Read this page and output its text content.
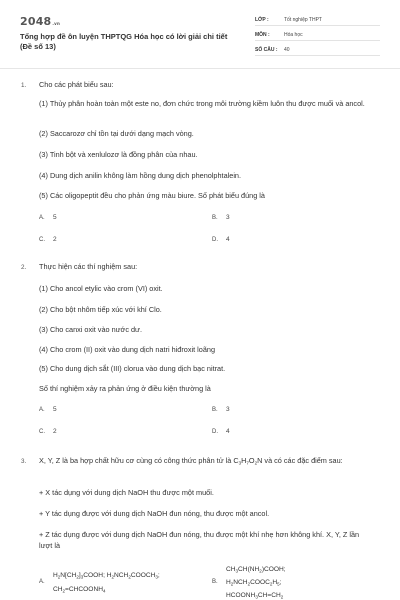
2048.vn
Tổng hợp đề ôn luyện THPTQG Hóa học có lời giải chi tiết (Đề số 13)
LỚP :	Tốt nghiệp THPT
MÔN :	Hóa học
SỐ CÂU : 40
1. Cho các phát biểu sau:
(1) Thủy phân hoàn toàn một este no, đơn chức trong môi trường kiềm luôn thu được muối và ancol.
(2) Saccarozơ chỉ tồn tại dưới dạng mạch vòng.
(3) Tinh bột và xenlulozơ là đồng phân của nhau.
(4) Dung dịch anilin không làm hồng dung dịch phenolphtalein.
(5) Các oligopeptit đều cho phản ứng màu biure. Số phát biểu đúng là
A. 5	B. 3
C. 2	D. 4
2. Thực hiện các thí nghiệm sau:
(1) Cho ancol etylic vào crom (VI) oxit.
(2) Cho bột nhôm tiếp xúc với khí Clo.
(3) Cho canxi oxit vào nước dư.
(4) Cho crom (II) oxit vào dung dịch natri hiđroxit loãng
(5) Cho dung dịch sắt (III) clorua vào dung dịch bạc nitrat.
Số thí nghiệm xảy ra phản ứng ở điều kiện thường là
A. 5	B. 3
C. 2	D. 4
3. X, Y, Z là ba hợp chất hữu cơ cùng có công thức phân tử là $C_3H_7O_2N$ và có các đặc điểm sau:
+ X tác dụng với dung dịch NaOH thu được một muối.
+ Y tác dụng được với dung dịch NaOH đun nóng, thu được một ancol.
+ Z tác dụng được với dung dịch NaOH đun nóng, thu được một khí nhẹ hơn không khí. X, Y, Z lần lượt là
A.
$H_2N[CH_2]_3COOH$; $H_2NCH_2COOCH_3$;
$CH_2=CHCOONH_4$
B.
$CH_3CH(NH_2)COOH$;
$H_2NCH_2COOC_2H_5$;
$HCOONH_3CH=CH_2$
